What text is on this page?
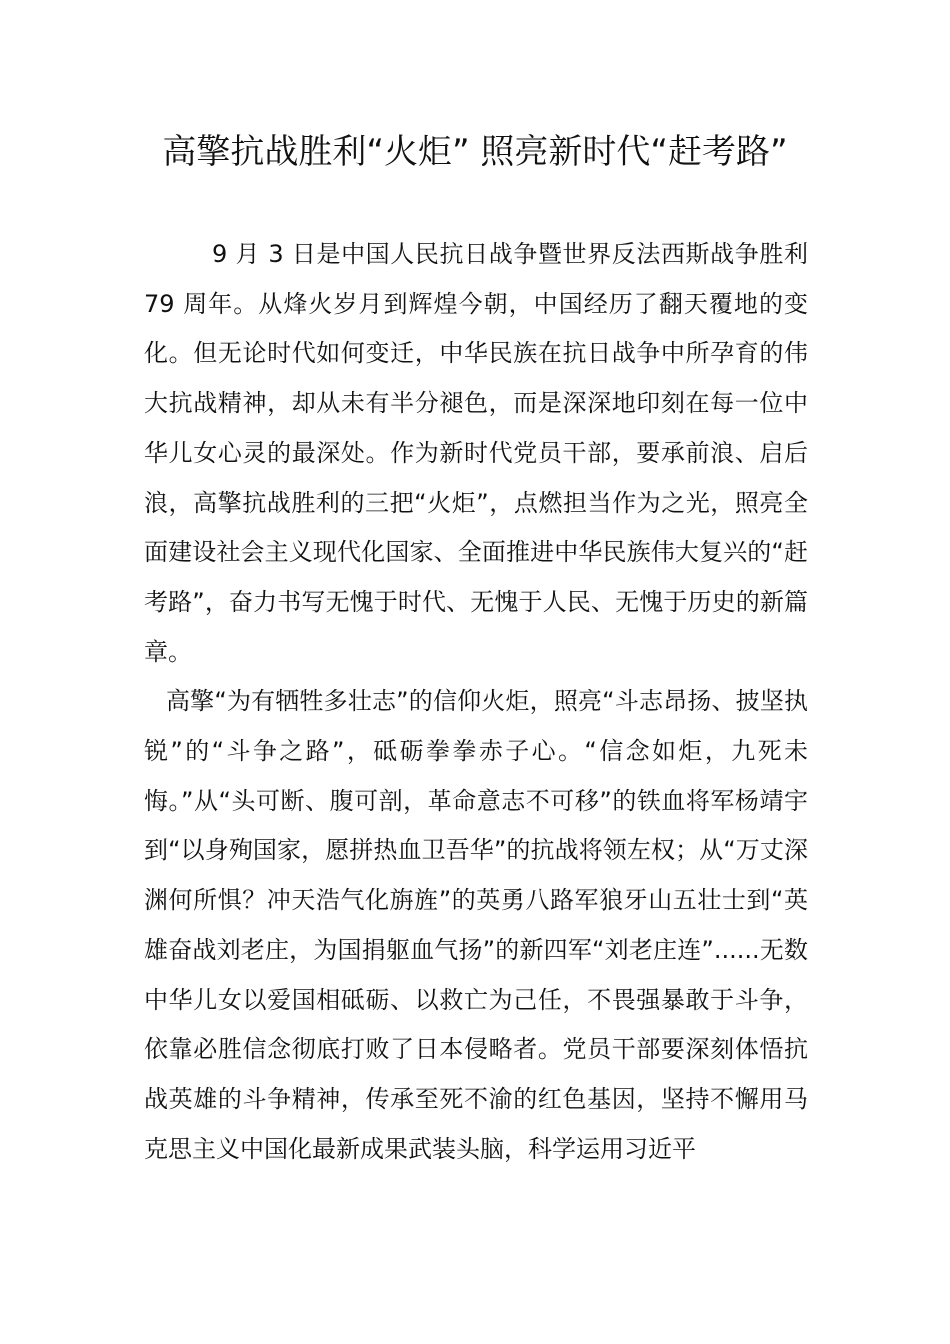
高擎抗战胜利“火炬” 照亮新时代“赶考路”

9 月 3 日是中国人民抗日战争暨世界反法西斯战争胜利 79 周年。从烽火岁月到辉煌今朝，中国经历了翻天覆地的变化。但无论时代如何变迁，中华民族在抗日战争中所孕育的伟大抗战精神，却从未有半分褪色，而是深深地印刻在每一位中华儿女心灵的最深处。作为新时代党员干部，要承前浪、启后浪，高擎抗战胜利的三把“火炬”，点燃担当作为之光，照亮全面建设社会主义现代化国家、全面推进中华民族伟大复兴的“赶考路”，奋力书写无愧于时代、无愧于人民、无愧于历史的新篇章。

高擎“为有牺牲多壮志”的信仰火炬，照亮“斗志昂扬、披坚执锐”的“斗争之路”，砥砺拳拳赤子心。“信念如炬，九死未悔。”从“头可断、腹可剖，革命意志不可移”的铁血将军杨靖宇到“以身殉国家，愿拼热血卫吾华”的抗战将领左权；从“万丈深渊何所惧？冲天浩气化旃旌”的英勇八路军狼牙山五壮士到“英雄奋战刘老庄，为国捐躯血气扬”的新四军“刘老庄连”......无数中华儿女以爱国相砥砺、以救亡为己任，不畏强暴敢于斗争，依靠必胜信念彻底打败了日本侵略者。党员干部要深刻体悟抗战英雄的斗争精神，传承至死不渝的红色基因，坚持不懈用马克思主义中国化最新成果武装头脑，科学运用习近平
